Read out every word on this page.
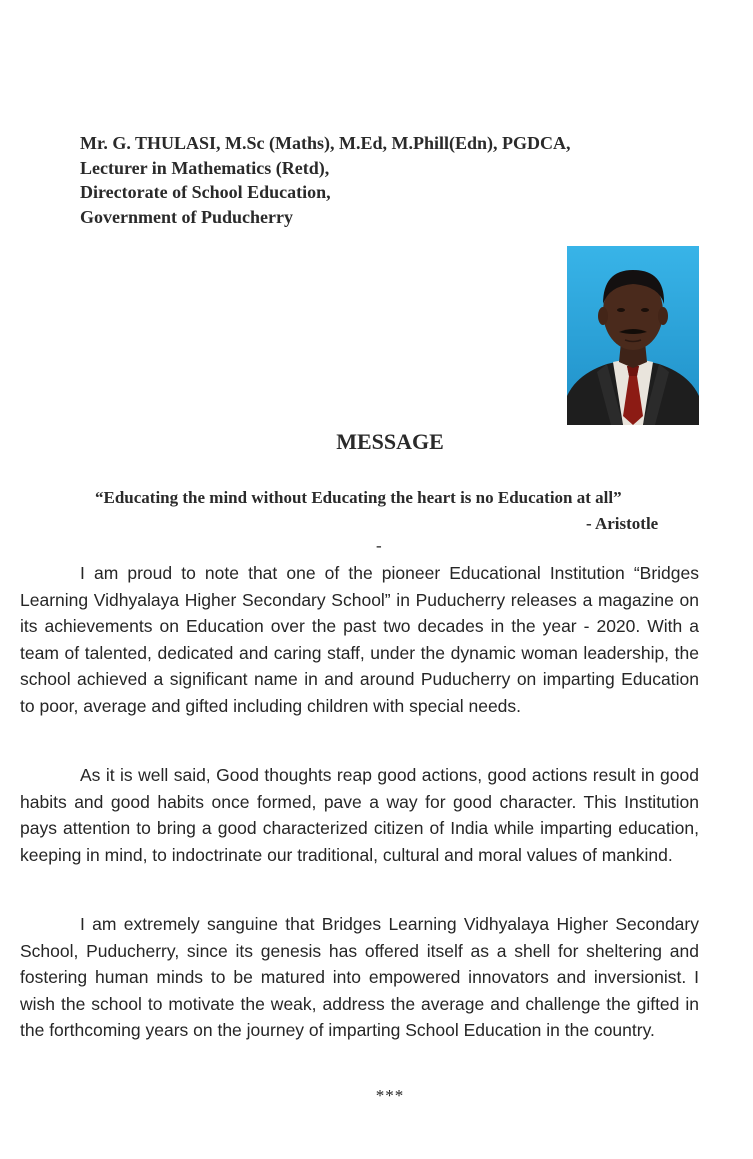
Mr. G. THULASI, M.Sc (Maths), M.Ed, M.Phill(Edn), PGDCA,
Lecturer in Mathematics (Retd),
Directorate of School Education,
Government of Puducherry
MESSAGE
“Educating the mind without Educating the heart is no Education at all”
- Aristotle
-

I am proud to note that one of the pioneer Educational Institution “Bridges Learning Vidhyalaya Higher Secondary School” in Puducherry releases a magazine on its achievements on Education over the past two decades in the year - 2020. With a team of talented, dedicated and caring staff, under the dynamic woman leadership, the school achieved a significant name in and around Puducherry on imparting Education to poor, average and gifted including children with special needs.

As it is well said, Good thoughts reap good actions, good actions result in good habits and good habits once formed, pave a way for good character. This Institution pays attention to bring a good characterized citizen of India while imparting education, keeping in mind, to indoctrinate our traditional, cultural and moral values of mankind.

I am extremely sanguine that Bridges Learning Vidhyalaya Higher Secondary School, Puducherry, since its genesis has offered itself as a shell for sheltering and fostering human minds to be matured into empowered innovators and inversionist. I wish the school to motivate the weak, address the average and challenge the gifted in the forthcoming years on the journey of imparting School Education in the country.

***
